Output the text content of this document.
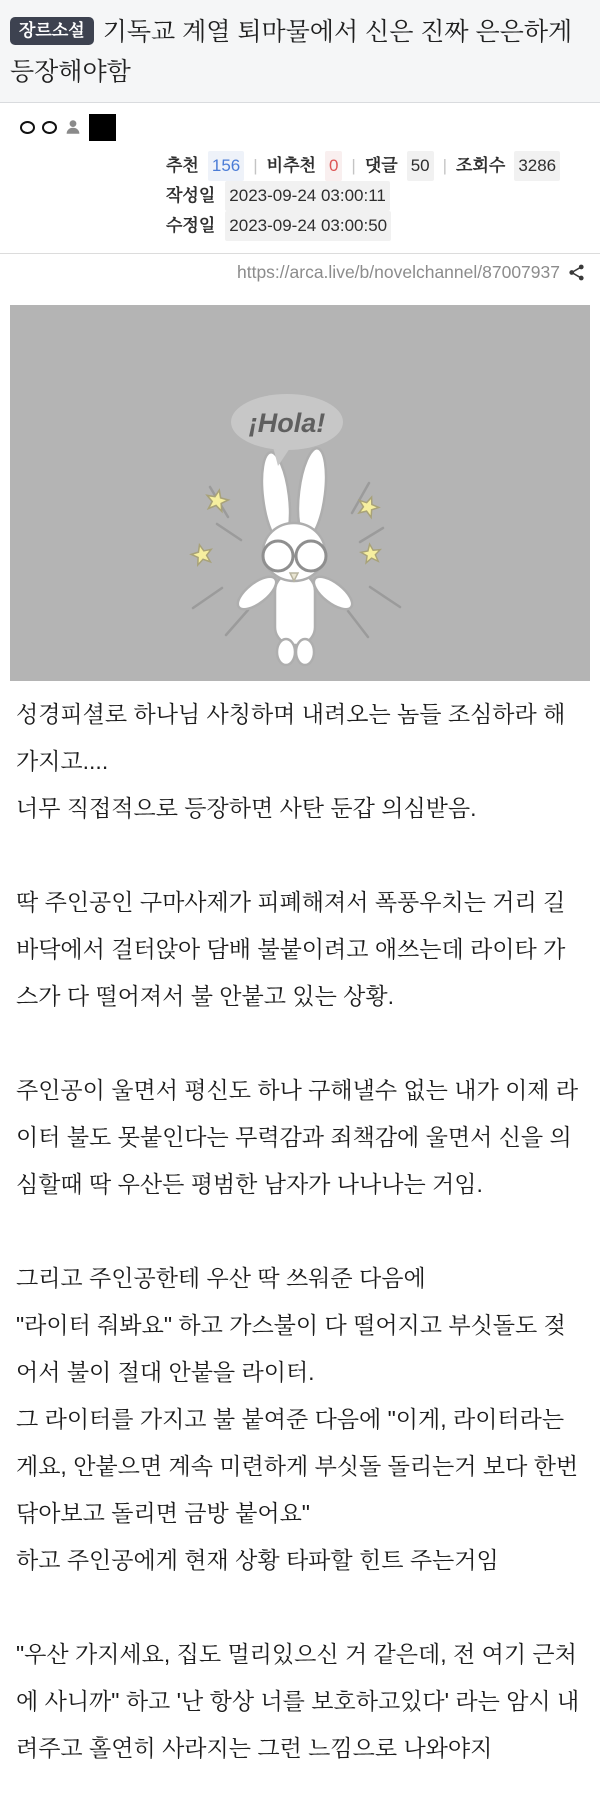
장르소설 기독교 계열 퇴마물에서 신은 진짜 은은하게 등장해야함
추천 156 | 비추천 0 | 댓글 50 | 조회수 3286
작성일 2023-09-24 03:00:11
수정일 2023-09-24 03:00:50
https://arca.live/b/novelchannel/87007937
¡Hola!

성경피셜로 하나님 사칭하며 내려오는 놈들 조심하라 해가지고....

너무 직접적으로 등장하면 사탄 둔갑 의심받음.

딱 주인공인 구마사제가 피폐해져서 폭풍우치는 거리 길바닥에서 걸터앉아 담배 불붙이려고 애쓰는데 라이타 가스가 다 떨어져서 불 안붙고 있는 상황.

주인공이 울면서 평신도 하나 구해낼수 없는 내가 이제 라이터 불도 못붙인다는 무력감과 죄책감에 울면서 신을 의심할때 딱 우산든 평범한 남자가 나나나는 거임.

그리고 주인공한테 우산 딱 쓰워준 다음에

"라이터 줘봐요" 하고 가스불이 다 떨어지고 부싯돌도 젖어서 불이 절대 안붙을 라이터.

그 라이터를 가지고 불 붙여준 다음에 "이게, 라이터라는게요, 안붙으면 계속 미련하게 부싯돌 돌리는거 보다 한번 닦아보고 돌리면 금방 붙어요"

하고 주인공에게 현재 상황 타파할 힌트 주는거임

"우산 가지세요, 집도 멀리있으신 거 같은데, 전 여기 근처에 사니까" 하고 '난 항상 너를 보호하고있다' 라는 암시 내려주고 홀연히 사라지는 그런 느낌으로 나와야지
